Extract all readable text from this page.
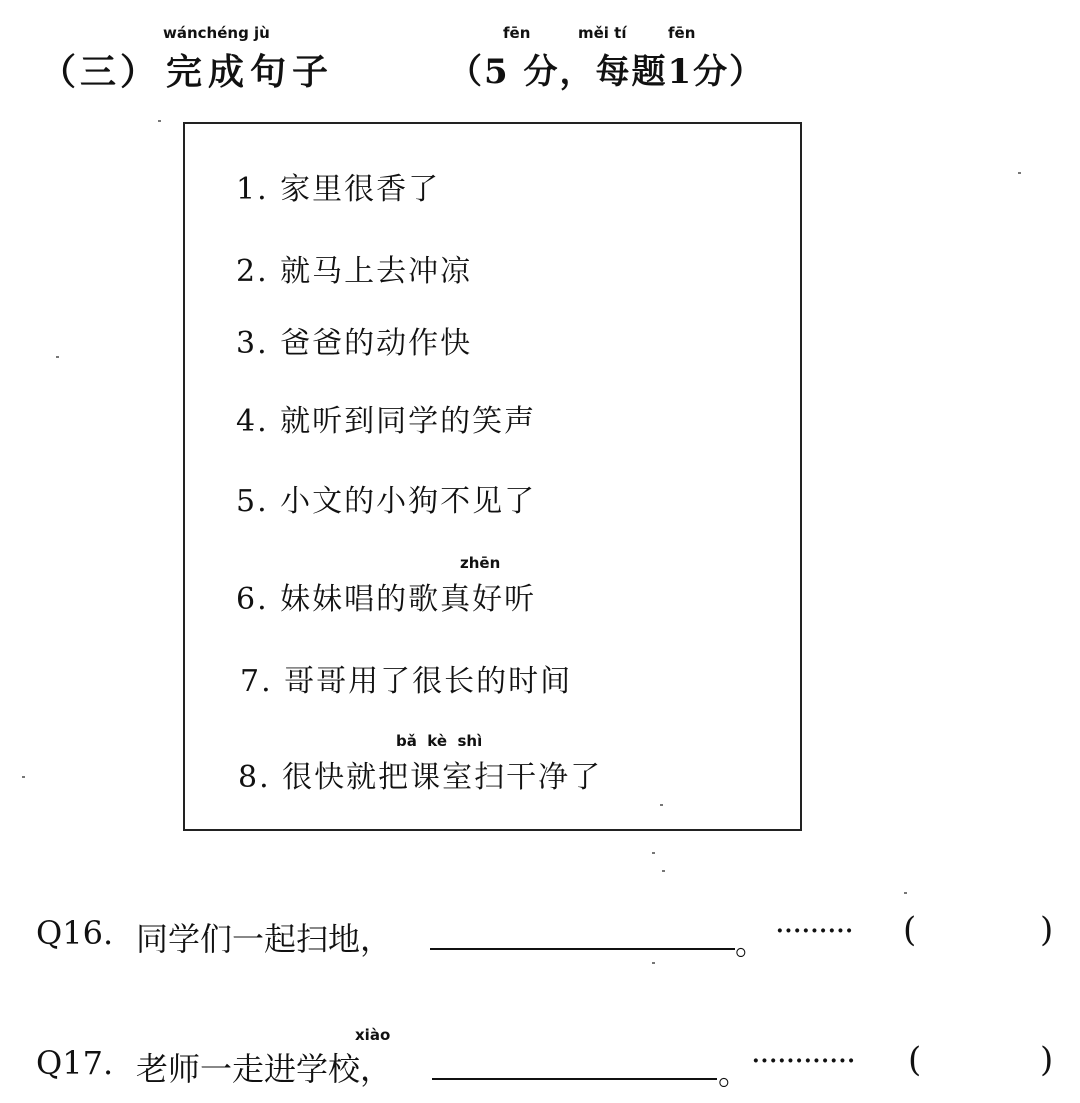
（三）
wánchéng jù
完成句子
fēn	měi tí	fēn
（5 分，每题1分）
1. 家里很香了
2. 就马上去冲凉
3. 爸爸的动作快
4. 就听到同学的笑声
5. 小文的小狗不见了
zhēn
6. 妹妹唱的歌真好听
7. 哥哥用了很长的时间
bǎ  kè  shì
8. 很快就把课室扫干净了
Q16. 同学们一起扫地，	。 ········· (	)
xiào
Q17. 老师一走进学校，	。 ············ (	)
